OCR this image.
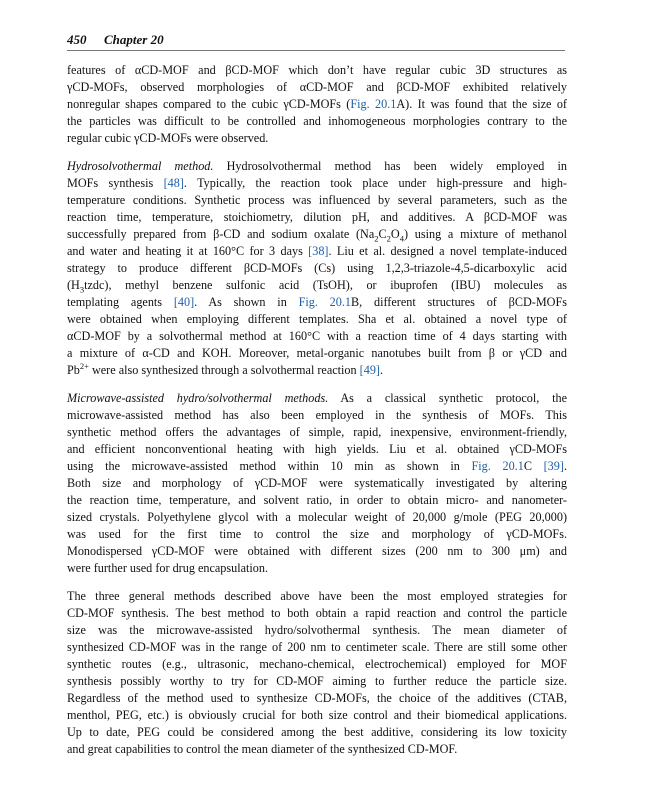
450 Chapter 20
features of αCD-MOF and βCD-MOF which don’t have regular cubic 3D structures as
γCD-MOFs, observed morphologies of αCD-MOF and βCD-MOF exhibited relatively
nonregular shapes compared to the cubic γCD-MOFs (Fig. 20.1A). It was found that the size of
the particles was difficult to be controlled and inhomogeneous morphologies contrary to the
regular cubic γCD-MOFs were observed.
Hydrosolvothermal method. Hydrosolvothermal method has been widely employed in
MOFs synthesis [48]. Typically, the reaction took place under high-pressure and high-
temperature conditions. Synthetic process was influenced by several parameters, such as the
reaction time, temperature, stoichiometry, dilution pH, and additives. A βCD-MOF was
successfully prepared from β-CD and sodium oxalate $(Na_2C_2O_4)$ using a mixture of methanol
and water and heating it at 160°C for 3 days [38]. Liu et al. designed a novel template-induced
strategy to produce different βCD-MOFs (Cs) using 1,2,3-triazole-4,5-dicarboxylic acid
$(H_3tzdc)$, methyl benzene sulfonic acid (TsOH), or ibuprofen (IBU) molecules as
templating agents [40]. As shown in Fig. 20.1B, different structures of βCD-MOFs
were obtained when employing different templates. Sha et al. obtained a novel type of
αCD-MOF by a solvothermal method at 160°C with a reaction time of 4 days starting with
a mixture of α-CD and KOH. Moreover, metal-organic nanotubes built from β or γCD and
$Pb^{2+}$ were also synthesized through a solvothermal reaction [49].
Microwave-assisted hydro/solvothermal methods. As a classical synthetic protocol, the
microwave-assisted method has also been employed in the synthesis of MOFs. This
synthetic method offers the advantages of simple, rapid, inexpensive, environment-friendly,
and efficient nonconventional heating with high yields. Liu et al. obtained γCD-MOFs
using the microwave-assisted method within 10 min as shown in Fig. 20.1C [39].
Both size and morphology of γCD-MOF were systematically investigated by altering
the reaction time, temperature, and solvent ratio, in order to obtain micro- and nanometer-
sized crystals. Polyethylene glycol with a molecular weight of 20,000 g/mole (PEG 20,000)
was used for the first time to control the size and morphology of γCD-MOFs.
Monodispersed γCD-MOF were obtained with different sizes (200 nm to 300 μm) and
were further used for drug encapsulation.
The three general methods described above have been the most employed strategies for
CD-MOF synthesis. The best method to both obtain a rapid reaction and control the particle
size was the microwave-assisted hydro/solvothermal synthesis. The mean diameter of
synthesized CD-MOF was in the range of 200 nm to centimeter scale. There are still some other
synthetic routes (e.g., ultrasonic, mechano-chemical, electrochemical) employed for MOF
synthesis possibly worthy to try for CD-MOF aiming to further reduce the particle size.
Regardless of the method used to synthesize CD-MOFs, the choice of the additives (CTAB,
menthol, PEG, etc.) is obviously crucial for both size control and their biomedical applications.
Up to date, PEG could be considered among the best additive, considering its low toxicity
and great capabilities to control the mean diameter of the synthesized CD-MOF.
